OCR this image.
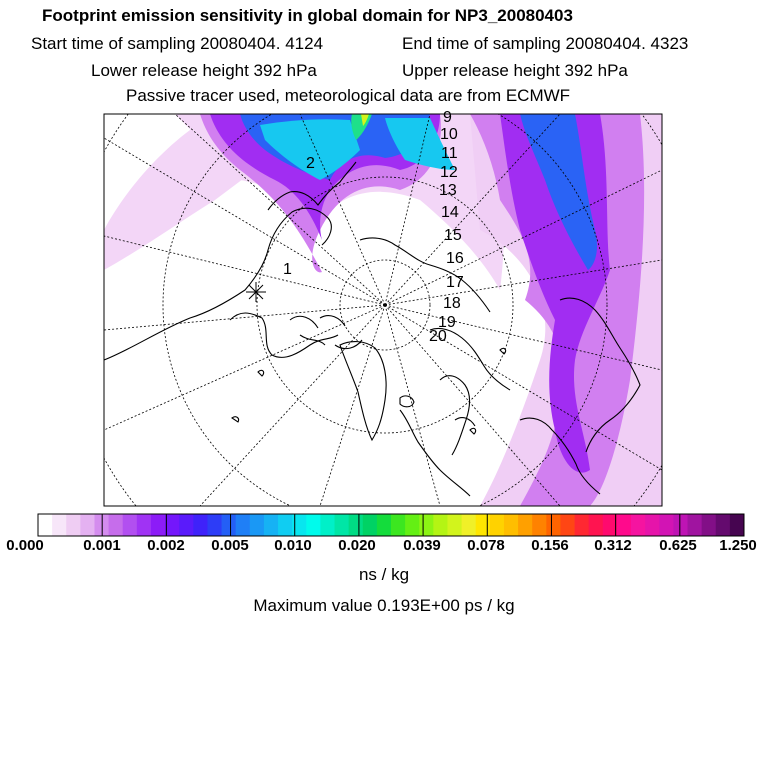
Footprint emission sensitivity in global domain for NP3_20080403
Start time of sampling 20080404. 4124	End time of sampling 20080404. 4323
Lower release height 392 hPa	Upper release height 392 hPa
Passive tracer used, meteorological data are from ECMWF
1
2
9
10
11
12
13
14
15
16
17
18
19
20
0.000	0.001 0.002 0.005 0.010 0.020 0.039 0.078 0.156 0.312 0.625 1.250
ns / kg
Maximum value 0.193E+00 ps / kg
